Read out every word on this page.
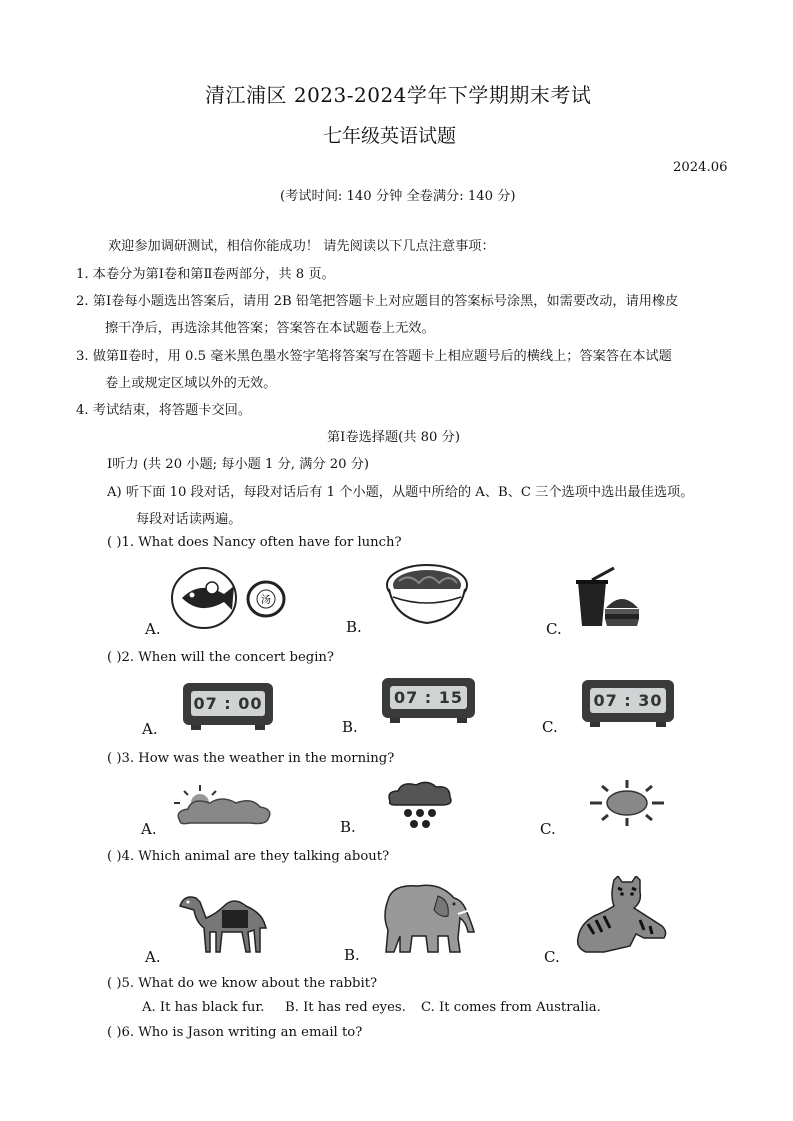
清江浦区 2023-2024学年下学期期末考试
七年级英语试题
2024.06
(考试时间: 140 分钟 全卷满分: 140 分)
欢迎参加调研测试，相信你能成功！ 请先阅读以下几点注意事项：
1. 本卷分为第Ⅰ卷和第Ⅱ卷两部分，共 8 页。
2. 第Ⅰ卷每小题选出答案后，请用 2B 铅笔把答题卡上对应题目的答案标号涂黑，如需要改动，请用橡皮
擦干净后，再选涂其他答案；答案答在本试题卷上无效。
3. 做第Ⅱ卷时，用 0.5 毫米黑色墨水签字笔将答案写在答题卡上相应题号后的横线上；答案答在本试题
卷上或规定区域以外的无效。
4. 考试结束，将答题卡交回。
第Ⅰ卷选择题(共 80 分)
Ⅰ听力 (共 20 小题; 每小题 1 分, 满分 20 分)
A) 听下面 10 段对话，每段对话后有 1 个小题，从题中所给的 A、B、C 三个选项中选出最佳选项。
每段对话读两遍。
( )1. What does Nancy often have for lunch?
A.
汤
B.	C.
( )2. When will the concert begin?
A.
07 : 00
B.
07 : 15
C.
07 : 30
( )3. How was the weather in the morning?
A.	B.	C.
( )4. Which animal are they talking about?
A.	B.	C.
( )5. What do we know about the rabbit?
A. It has black fur. B. It has red eyes. C. It comes from Australia.
( )6. Who is Jason writing an email to?
